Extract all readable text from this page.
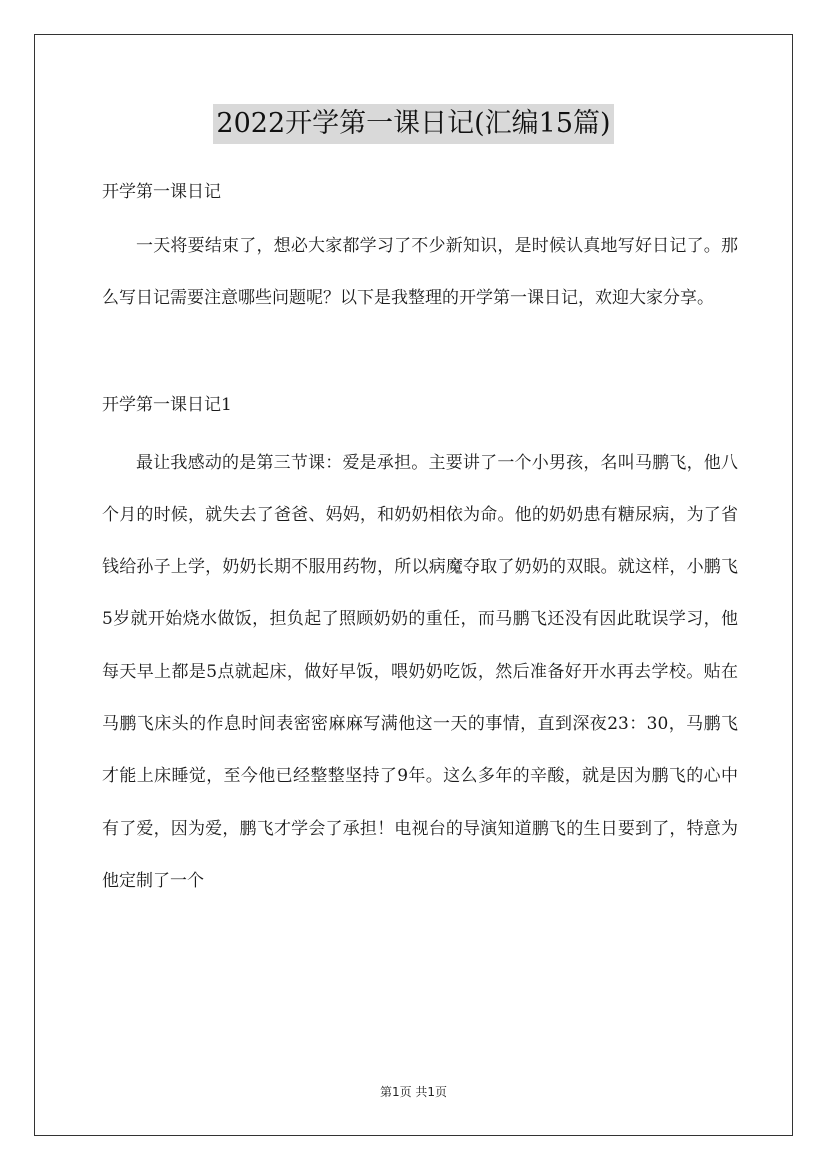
2022开学第一课日记(汇编15篇)

开学第一课日记

一天将要结束了，想必大家都学习了不少新知识，是时候认真地写好日记了。那么写日记需要注意哪些问题呢？以下是我整理的开学第一课日记，欢迎大家分享。

开学第一课日记1

最让我感动的是第三节课：爱是承担。主要讲了一个小男孩，名叫马鹏飞，他八个月的时候，就失去了爸爸、妈妈，和奶奶相依为命。他的奶奶患有糖尿病，为了省钱给孙子上学，奶奶长期不服用药物，所以病魔夺取了奶奶的双眼。就这样，小鹏飞5岁就开始烧水做饭，担负起了照顾奶奶的重任，而马鹏飞还没有因此耽误学习，他每天早上都是5点就起床，做好早饭，喂奶奶吃饭，然后准备好开水再去学校。贴在马鹏飞床头的作息时间表密密麻麻写满他这一天的事情，直到深夜23：30，马鹏飞才能上床睡觉，至今他已经整整坚持了9年。这么多年的辛酸，就是因为鹏飞的心中有了爱，因为爱，鹏飞才学会了承担！电视台的导演知道鹏飞的生日要到了，特意为他定制了一个

第1页 共1页
